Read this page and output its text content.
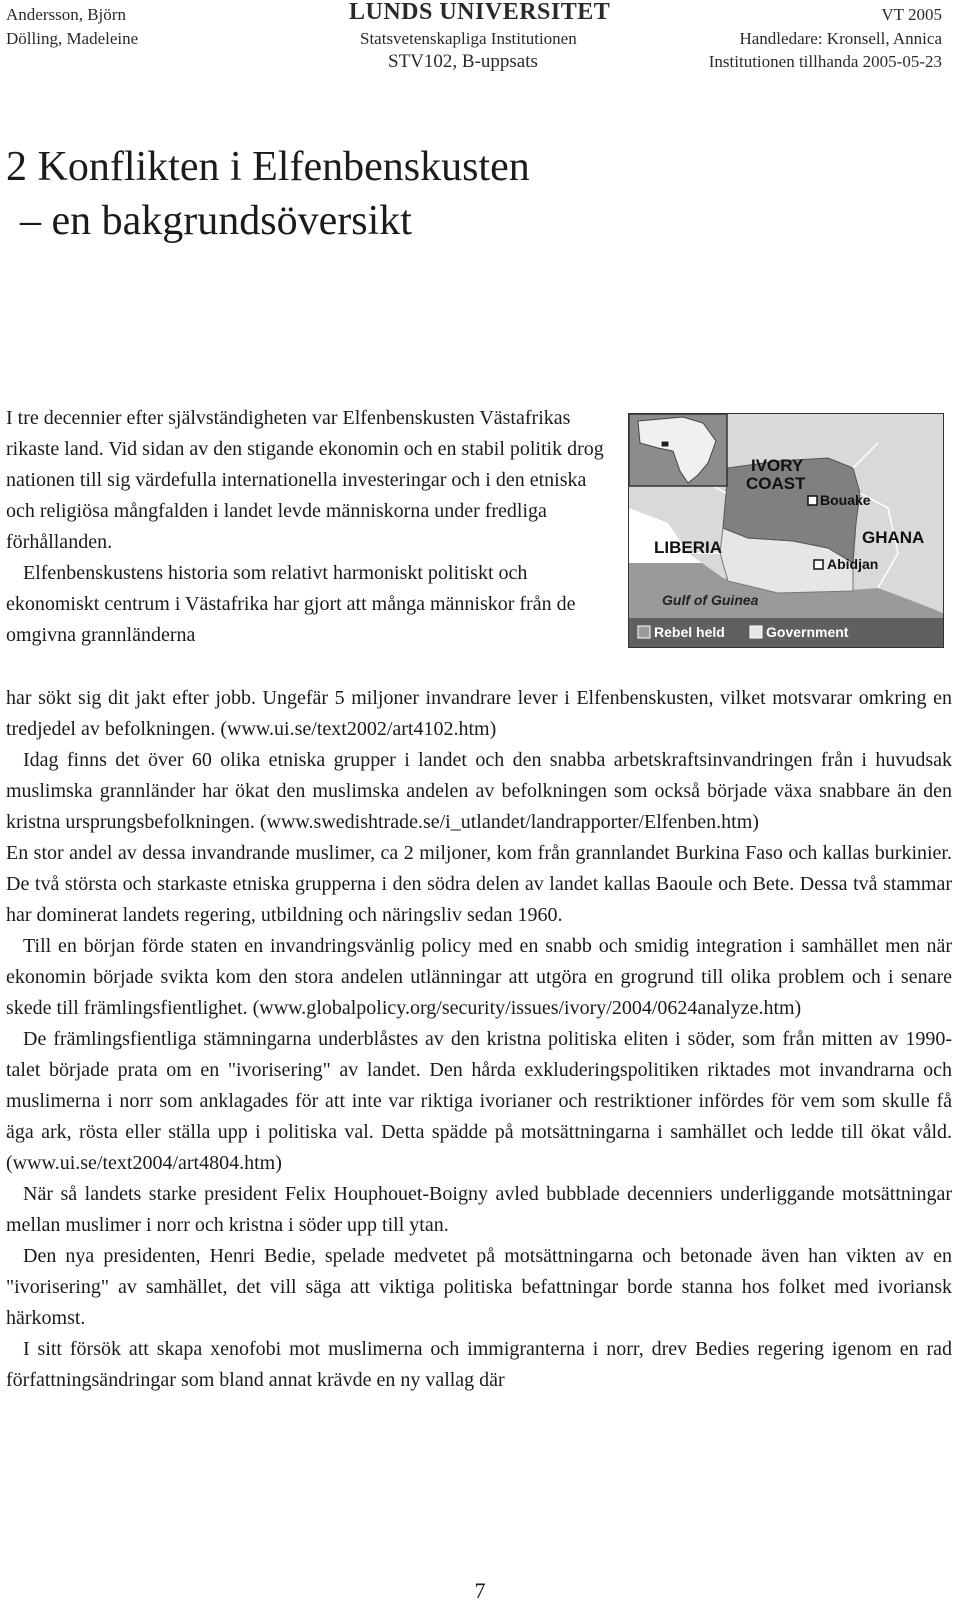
Andersson, Björn
Dölling, Madeleine
LUNDS UNIVERSITET
Statsvetenskapliga Institutionen
STV102, B-uppsats
VT 2005
Handledare: Kronsell, Annica
Institutionen tillhanda 2005-05-23
2 Konflikten i Elfenbenskusten
– en bakgrundsöversikt
IVORY
COAST
Bouake
GHANA
LIBERIA
Abidjan
Gulf of Guinea
Rebel held	Government

I tre decennier efter självständigheten var Elfenbenskusten Västafrikas rikaste land. Vid sidan av den stigande ekonomin och en stabil politik drog nationen till sig värdefulla internationella investeringar och i den etniska och religiösa mångfalden i landet levde människorna under fredliga förhållanden.

Elfenbenskustens historia som relativt harmoniskt politiskt och ekonomiskt centrum i Västafrika har gjort att många människor från de omgivna grannländerna

har sökt sig dit jakt efter jobb. Ungefär 5 miljoner invandrare lever i Elfenbenskusten, vilket motsvarar omkring en tredjedel av befolkningen. (www.ui.se/text2002/art4102.htm)

Idag finns det över 60 olika etniska grupper i landet och den snabba arbetskraftsinvandringen från i huvudsak muslimska grannländer har ökat den muslimska andelen av befolkningen som också började växa snabbare än den kristna ursprungsbefolkningen. (www.swedishtrade.se/i_utlandet/landrapporter/Elfenben.htm)

En stor andel av dessa invandrande muslimer, ca 2 miljoner, kom från grannlandet Burkina Faso och kallas burkinier. De två största och starkaste etniska grupperna i den södra delen av landet kallas Baoule och Bete. Dessa två stammar har dominerat landets regering, utbildning och näringsliv sedan 1960.

Till en början förde staten en invandringsvänlig policy med en snabb och smidig integration i samhället men när ekonomin började svikta kom den stora andelen utlänningar att utgöra en grogrund till olika problem och i senare skede till främlingsfientlighet. (www.globalpolicy.org/security/issues/ivory/2004/0624analyze.htm)

De främlingsfientliga stämningarna underblåstes av den kristna politiska eliten i söder, som från mitten av 1990-talet började prata om en "ivorisering" av landet. Den hårda exkluderingspolitiken riktades mot invandrarna och muslimerna i norr som anklagades för att inte var riktiga ivorianer och restriktioner infördes för vem som skulle få äga ark, rösta eller ställa upp i politiska val. Detta spädde på motsättningarna i samhället och ledde till ökat våld.(www.ui.se/text2004/art4804.htm)

När så landets starke president Felix Houphouet-Boigny avled bubblade decenniers underliggande motsättningar mellan muslimer i norr och kristna i söder upp till ytan.

Den nya presidenten, Henri Bedie, spelade medvetet på motsättningarna och betonade även han vikten av en "ivorisering" av samhället, det vill säga att viktiga politiska befattningar borde stanna hos folket med ivoriansk härkomst.

I sitt försök att skapa xenofobi mot muslimerna och immigranterna i norr, drev Bedies regering igenom en rad författningsändringar som bland annat krävde en ny vallag där

7
